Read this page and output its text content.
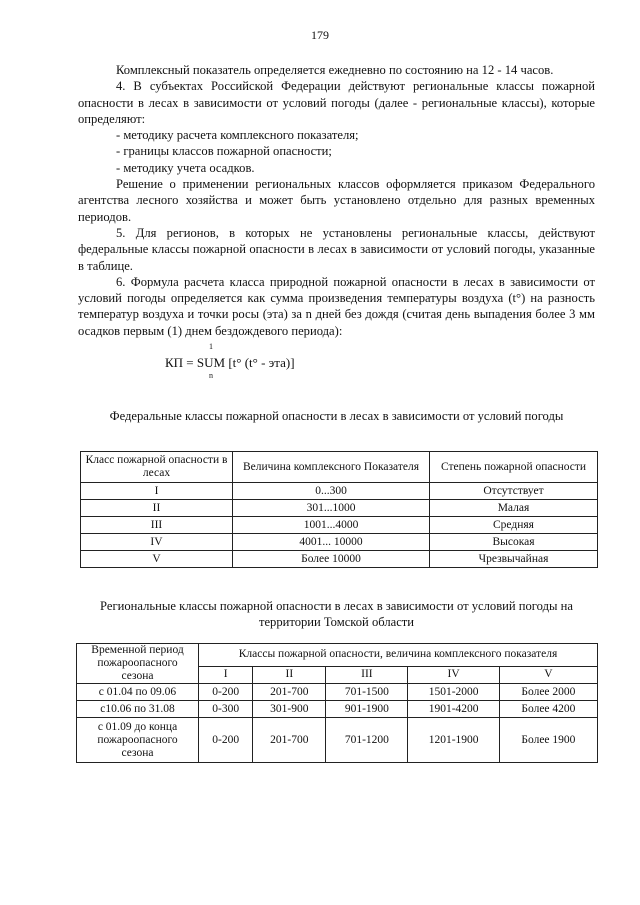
179

Комплексный показатель определяется ежедневно по состоянию на 12 - 14 часов.

4. В субъектах Российской Федерации действуют региональные классы пожарной опасности в лесах в зависимости от условий погоды (далее - региональные классы), которые определяют:

- методику расчета комплексного показателя;

- границы классов пожарной опасности;

- методику учета осадков.

Решение о применении региональных классов оформляется приказом Федерального агентства лесного хозяйства и может быть установлено отдельно для разных временных периодов.

5. Для регионов, в которых не установлены региональные классы, действуют федеральные классы пожарной опасности в лесах в зависимости от условий погоды, указанные в таблице.

6. Формула расчета класса природной пожарной опасности в лесах в зависимости от условий погоды определяется как сумма произведения температуры воздуха (t°) на разность температур воздуха и точки росы (эта) за n дней без дождя (считая день выпадения более 3 мм осадков первым (1) днем бездождевого периода):

КП =
1
SUM
n
[t° (t° - эта)]
Федеральные классы пожарной опасности в лесах в зависимости от условий погоды
Класс пожарной опасности в лесах	Величина комплексного Показателя	Степень пожарной опасности
I	0...300	Отсутствует
II	301...1000	Малая
III	1001...4000	Средняя
IV	4001... 10000	Высокая
V	Более 10000	Чрезвычайная
Региональные классы пожарной опасности в лесах в зависимости от условий погоды на территории Томской области
Временной период пожароопасного сезона	Классы пожарной опасности, величина комплексного показателя				
	I	II	III	IV	V
с 01.04 по 09.06	0-200	201-700	701-1500	1501-2000	Более 2000
с10.06 по 31.08	0-300	301-900	901-1900	1901-4200	Более 4200
с 01.09 до конца пожароопасного сезона	0-200	201-700	701-1200	1201-1900	Более 1900
